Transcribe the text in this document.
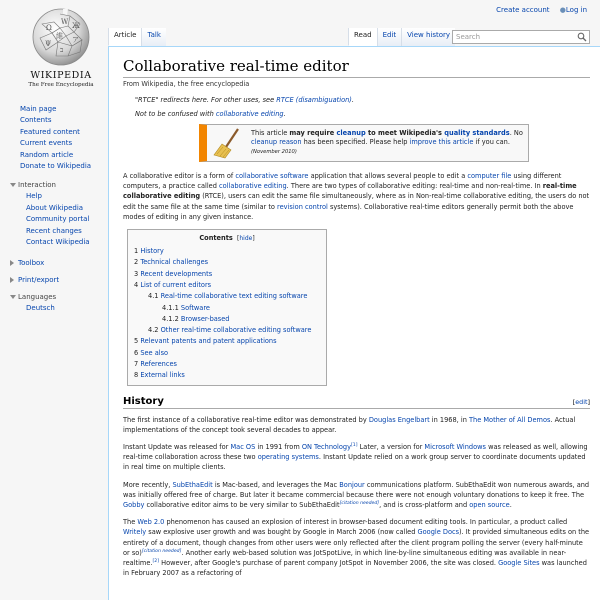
Create account ●Log in
Ω
W Ж
維 ア
Ψ
ב
WIKIPEDIA
The Free Encyclopedia
Article	Talk	Read	Edit	View history Search
Main page
Contents
Featured content
Current events
Random article
Donate to Wikipedia
Interaction
Help
About Wikipedia
Community portal
Recent changes
Contact Wikipedia
Toolbox
Print/export
Languages
Deutsch
Collaborative real-time editor
From Wikipedia, the free encyclopedia
"RTCE" redirects here. For other uses, see RTCE (disambiguation).
Not to be confused with collaborative editing.
This article may require cleanup to meet Wikipedia's quality standards. No cleanup reason has been specified. Please help improve this article if you can.
(November 2010)

A collaborative editor is a form of collaborative software application that allows several people to edit a computer file using different computers, a practice called collaborative editing. There are two types of collaborative editing: real-time and non-real-time. In real-time collaborative editing (RTCE), users can edit the same file simultaneously, where as in Non-real-time collaborative editing, the users do not edit the same file at the same time (similar to revision control systems). Collaborative real-time editors generally permit both the above modes of editing in any given instance.

Contents  [hide]
1 History
2 Technical challenges
3 Recent developments
4 List of current editors
4.1 Real-time collaborative text editing software
4.1.1 Software
4.1.2 Browser-based
4.2 Other real-time collaborative editing software
5 Relevant patents and patent applications
6 See also
7 References
8 External links
History	[edit]

The first instance of a collaborative real-time editor was demonstrated by Douglas Engelbart in 1968, in The Mother of All Demos. Actual implementations of the concept took several decades to appear.

Instant Update was released for Mac OS in 1991 from ON Technology[1] Later, a version for Microsoft Windows was released as well, allowing real-time collaboration across these two operating systems. Instant Update relied on a work group server to coordinate documents updated in real time on multiple clients.

More recently, SubEthaEdit is Mac-based, and leverages the Mac Bonjour communications platform. SubEthaEdit won numerous awards, and was initially offered free of charge. But later it became commercial because there were not enough voluntary donations to keep it free. The Gobby collaborative editor aims to be very similar to SubEthaEdit[citation needed], and is cross-platform and open source.

The Web 2.0 phenomenon has caused an explosion of interest in browser-based document editing tools. In particular, a product called Writely saw explosive user growth and was bought by Google in March 2006 (now called Google Docs). It provided simultaneous edits on the entirety of a document, though changes from other users were only reflected after the client program polling the server (every half-minute or so)[citation needed]. Another early web-based solution was JotSpotLive, in which line-by-line simultaneous editing was available in near-realtime.[2] However, after Google's purchase of parent company JotSpot in November 2006, the site was closed. Google Sites was launched in February 2007 as a refactoring of
